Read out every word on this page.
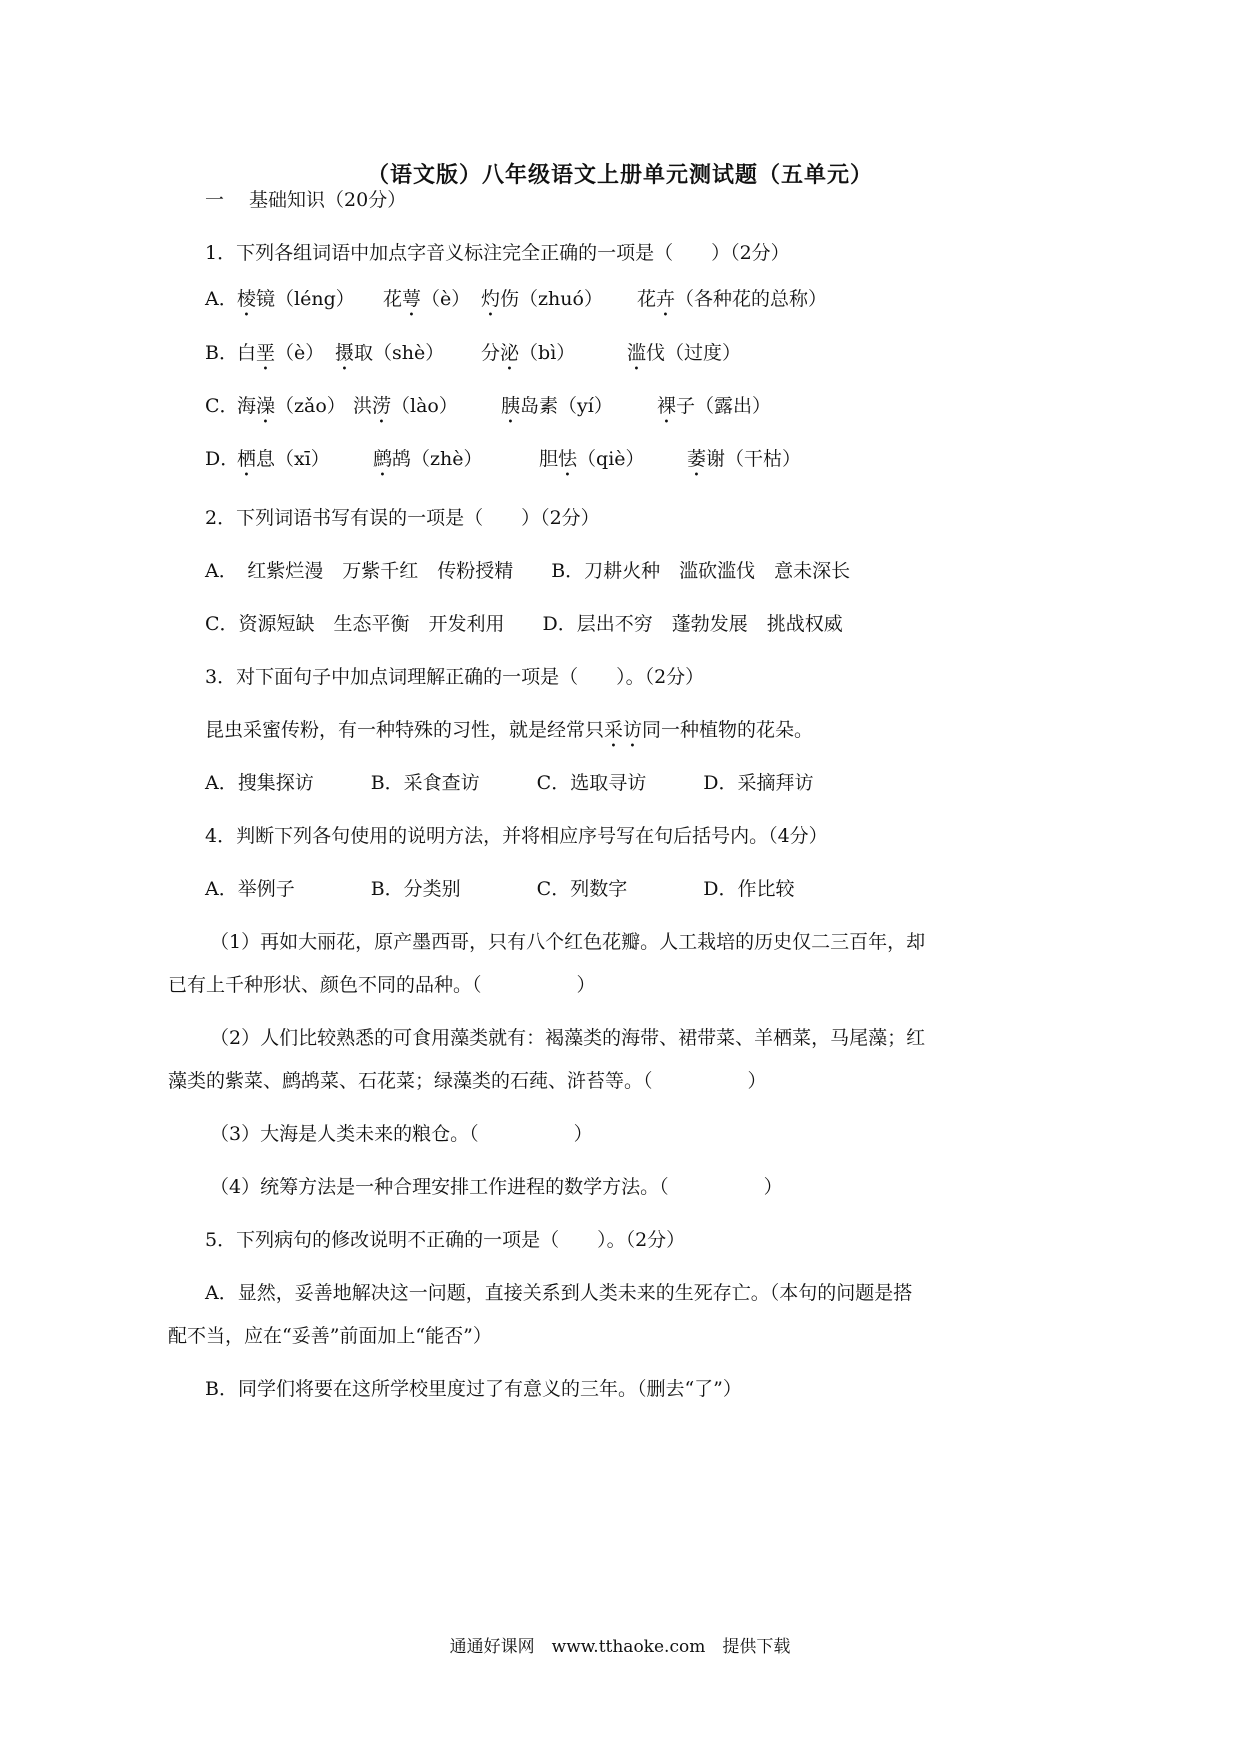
（语文版）八年级语文上册单元测试题（五单元）
一　 基础知识（20分）
1．下列各组词语中加点字音义标注完全正确的一项是（　　）（2分）
A． 棱镜（léng） 花萼（è） 灼伤（zhuó） 花卉（各种花的总称）
B． 白垩（è） 摄取（shè） 分泌（bì）	滥伐（过度）
C．
海澡（zǎo） 洪涝（lào） 胰岛素（yí） 裸子（露出）
D．
栖息（xī） 鹧鸪（zhè）	胆怯（qiè） 萎谢（干枯）
2．下列词语书写有误的一项是（　　）（2分）
A．　红紫烂漫　万紫千红　传粉授精　　B．刀耕火种　滥砍滥伐　意未深长
C．资源短缺　生态平衡　开发利用　　D．层出不穷　蓬勃发展　挑战权威
3．对下面句子中加点词理解正确的一项是（　　）。（2分）
昆虫采蜜传粉，有一种特殊的习性，就是经常只采访同一种植物的花朵。
A．搜集探访　　　B．采食查访　　　C．选取寻访　　　D．采摘拜访
4．判断下列各句使用的说明方法，并将相应序号写在句后括号内。（4分）
A．举例子　　　　B．分类别　　　　C．列数字　　　　D．作比较
（1）再如大丽花，原产墨西哥，只有八个红色花瓣。人工栽培的历史仅二三百年，却
已有上千种形状、颜色不同的品种。（　　　　　）
（2）人们比较熟悉的可食用藻类就有：褐藻类的海带、裙带菜、羊栖菜，马尾藻；红
藻类的紫菜、鹧鸪菜、石花菜；绿藻类的石莼、浒苔等。（　　　　　）
（3）大海是人类未来的粮仓。（　　　　　）
（4）统筹方法是一种合理安排工作进程的数学方法。（　　　　　）
5．下列病句的修改说明不正确的一项是（　　）。（2分）
A．显然，妥善地解决这一问题，直接关系到人类未来的生死存亡。（本句的问题是搭
配不当，应在“妥善”前面加上“能否”）
B．同学们将要在这所学校里度过了有意义的三年。（删去“了”）
通通好课网　www.tthaoke.com　提供下载
